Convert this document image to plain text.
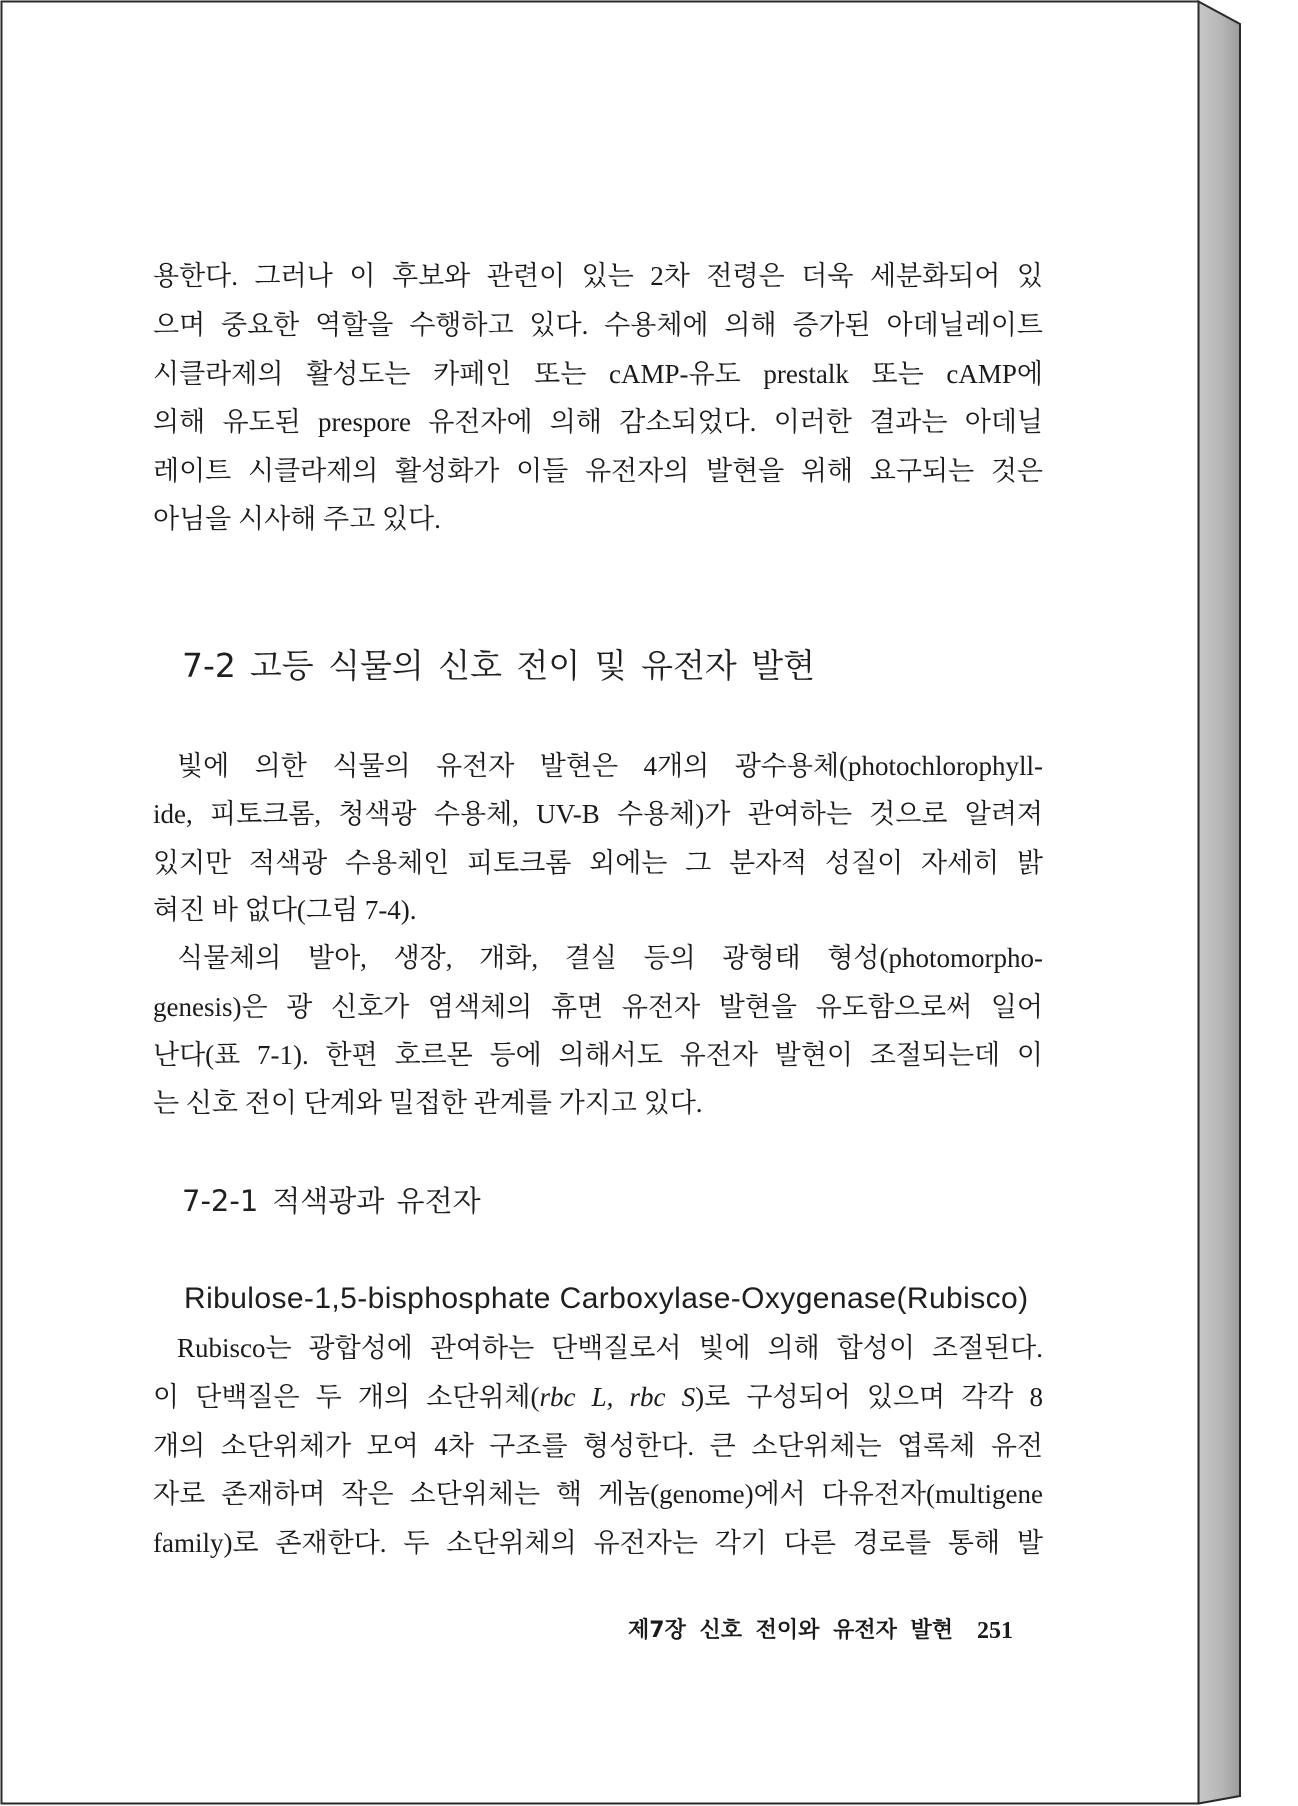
용한다. 그러나 이 후보와 관련이 있는 2차 전령은 더욱 세분화되어 있
으며 중요한 역할을 수행하고 있다. 수용체에 의해 증가된 아데닐레이트
시클라제의 활성도는 카페인 또는 cAMP-유도 prestalk 또는 cAMP에
의해 유도된 prespore 유전자에 의해 감소되었다. 이러한 결과는 아데닐
레이트 시클라제의 활성화가 이들 유전자의 발현을 위해 요구되는 것은
아님을 시사해 주고 있다.
7-2 고등 식물의 신호 전이 및 유전자 발현
빛에 의한 식물의 유전자 발현은 4개의 광수용체(photochlorophyll-
ide, 피토크롬, 청색광 수용체, UV-B 수용체)가 관여하는 것으로 알려져
있지만 적색광 수용체인 피토크롬 외에는 그 분자적 성질이 자세히 밝
혀진 바 없다(그림 7-4).
식물체의 발아, 생장, 개화, 결실 등의 광형태 형성(photomorpho-
genesis)은 광 신호가 염색체의 휴면 유전자 발현을 유도함으로써 일어
난다(표 7-1). 한편 호르몬 등에 의해서도 유전자 발현이 조절되는데 이
는 신호 전이 단계와 밀접한 관계를 가지고 있다.
7-2-1 적색광과 유전자
Ribulose-1,5-bisphosphate Carboxylase-Oxygenase(Rubisco)
Rubisco는 광합성에 관여하는 단백질로서 빛에 의해 합성이 조절된다.
이 단백질은 두 개의 소단위체(rbc L, rbc S)로 구성되어 있으며 각각 8
개의 소단위체가 모여 4차 구조를 형성한다. 큰 소단위체는 엽록체 유전
자로 존재하며 작은 소단위체는 핵 게놈(genome)에서 다유전자(multigene
family)로 존재한다. 두 소단위체의 유전자는 각기 다른 경로를 통해 발
제7장 신호 전이와 유전자 발현 251
